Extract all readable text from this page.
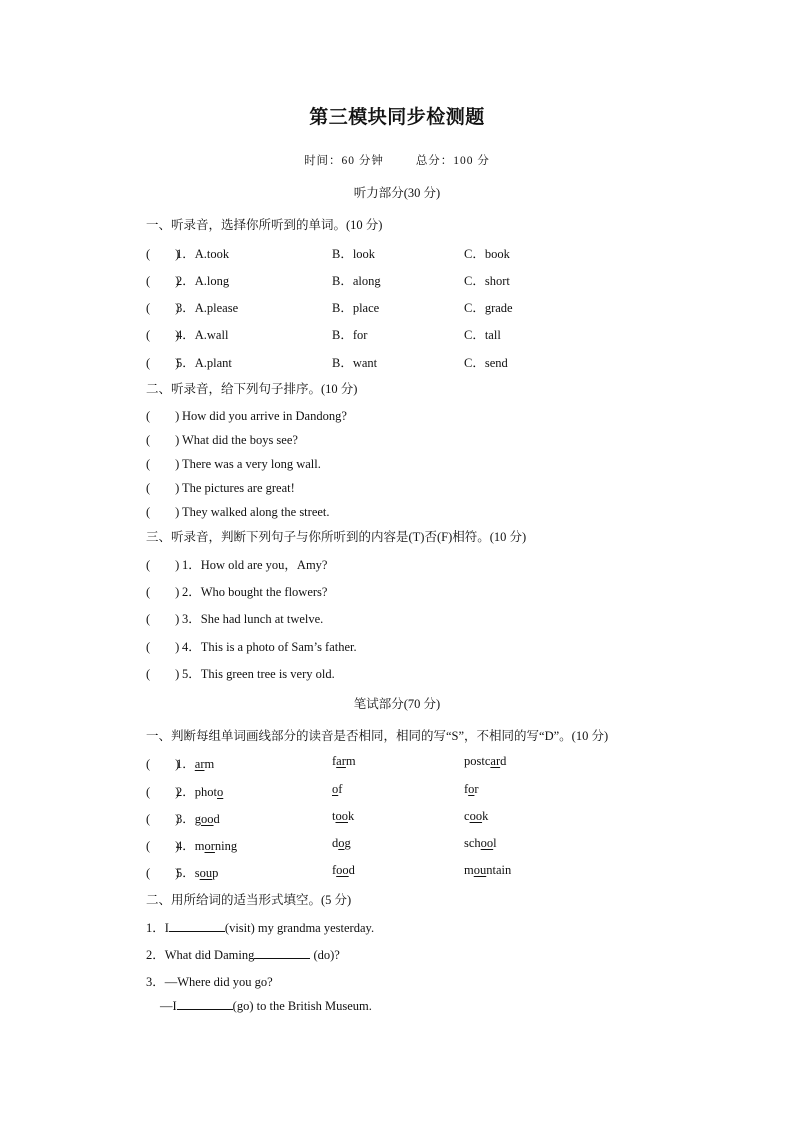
第三模块同步检测题
时间：60 分钟	总分：100 分
听力部分(30 分)
一、听录音，选择你所听到的单词。(10 分)
(　　)
1．A.took	B．look	C．book
(　　)
2．A.long	B．along	C．short
(　　)
3．A.please	B．place	C．grade
(　　)
4．A.wall	B．for	C．tall
(　　)
5．A.plant	B．want	C．send
二、听录音，给下列句子排序。(10 分)
(　　) How did you arrive in Dandong?
(　　) What did the boys see?
(　　) There was a very long wall.
(　　) The pictures are great!
(　　) They walked along the street.
三、听录音，判断下列句子与你所听到的内容是(T)否(F)相符。(10 分)
(　　) 1．How old are you，Amy?
(　　) 2．Who bought the flowers?
(　　) 3．She had lunch at twelve.
(　　) 4．This is a photo of Sam’s father.
(　　) 5．This green tree is very old.
笔试部分(70 分)
一、判断每组单词画线部分的读音是否相同，相同的写“S”，不相同的写“D”。(10 分)
(　　)
1．arm	farm	postcard
(　　)
2．photo	of	for
(　　)
3．good	took	cook
(　　)
4．morning	dog	school
(　　)
5．soup	food	mountain
二、用所给词的适当形式填空。(5 分)
1．I	(visit) my grandma yesterday.
2．What did Daming	(do)?
3．—Where did you go?
—I	(go) to the British Museum.
